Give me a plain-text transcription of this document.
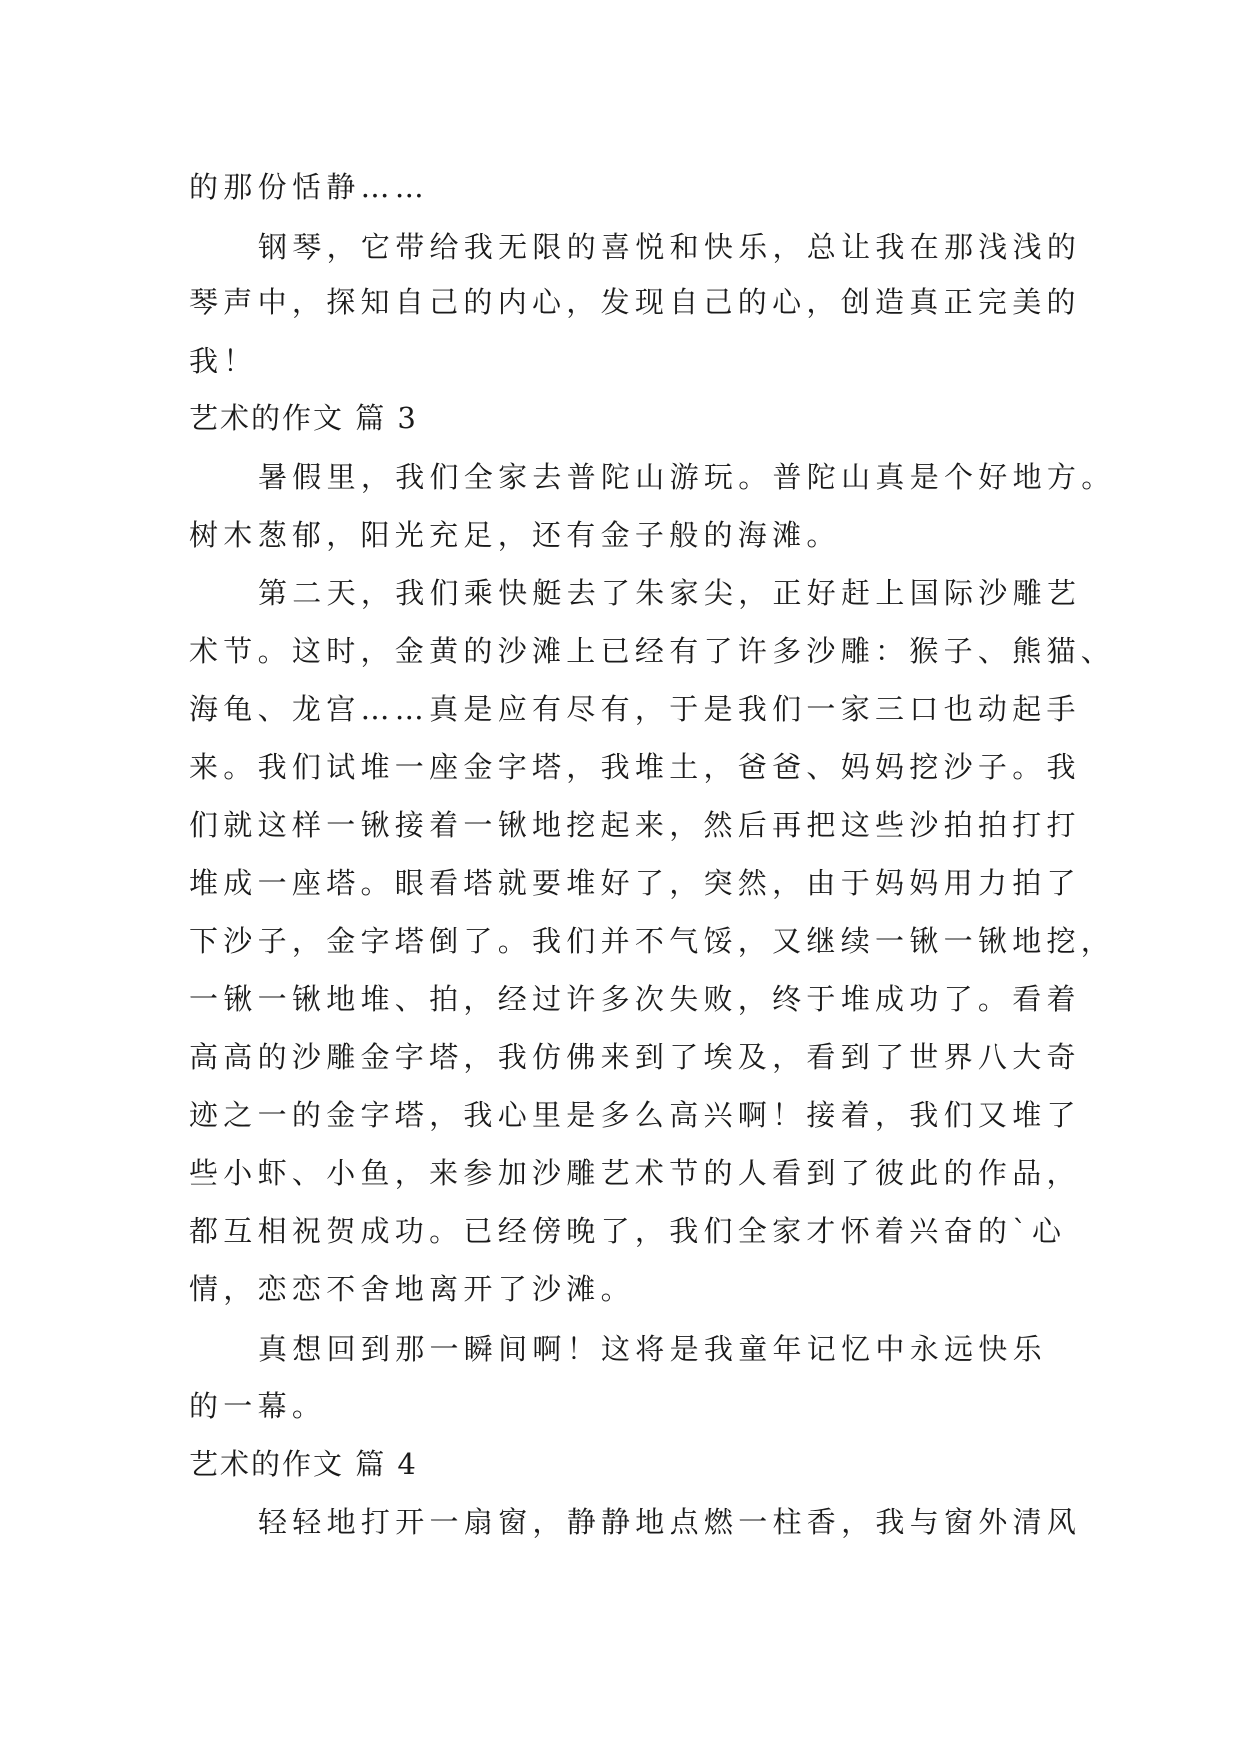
的那份恬静……
钢琴，它带给我无限的喜悦和快乐，总让我在那浅浅的
琴声中，探知自己的内心，发现自己的心，创造真正完美的
我！
艺术的作文 篇 3
暑假里，我们全家去普陀山游玩。普陀山真是个好地方。
树木葱郁，阳光充足，还有金子般的海滩。
第二天，我们乘快艇去了朱家尖，正好赶上国际沙雕艺
术节。这时，金黄的沙滩上已经有了许多沙雕：猴子、熊猫、
海龟、龙宫……真是应有尽有，于是我们一家三口也动起手
来。我们试堆一座金字塔，我堆土，爸爸、妈妈挖沙子。我
们就这样一锹接着一锹地挖起来，然后再把这些沙拍拍打打
堆成一座塔。眼看塔就要堆好了，突然，由于妈妈用力拍了
下沙子，金字塔倒了。我们并不气馁，又继续一锹一锹地挖，
一锹一锹地堆、拍，经过许多次失败，终于堆成功了。看着
高高的沙雕金字塔，我仿佛来到了埃及，看到了世界八大奇
迹之一的金字塔，我心里是多么高兴啊！接着，我们又堆了
些小虾、小鱼，来参加沙雕艺术节的人看到了彼此的作品，
都互相祝贺成功。已经傍晚了，我们全家才怀着兴奋的`心
情，恋恋不舍地离开了沙滩。
真想回到那一瞬间啊！这将是我童年记忆中永远快乐
的一幕。
艺术的作文 篇 4
轻轻地打开一扇窗，静静地点燃一柱香，我与窗外清风
